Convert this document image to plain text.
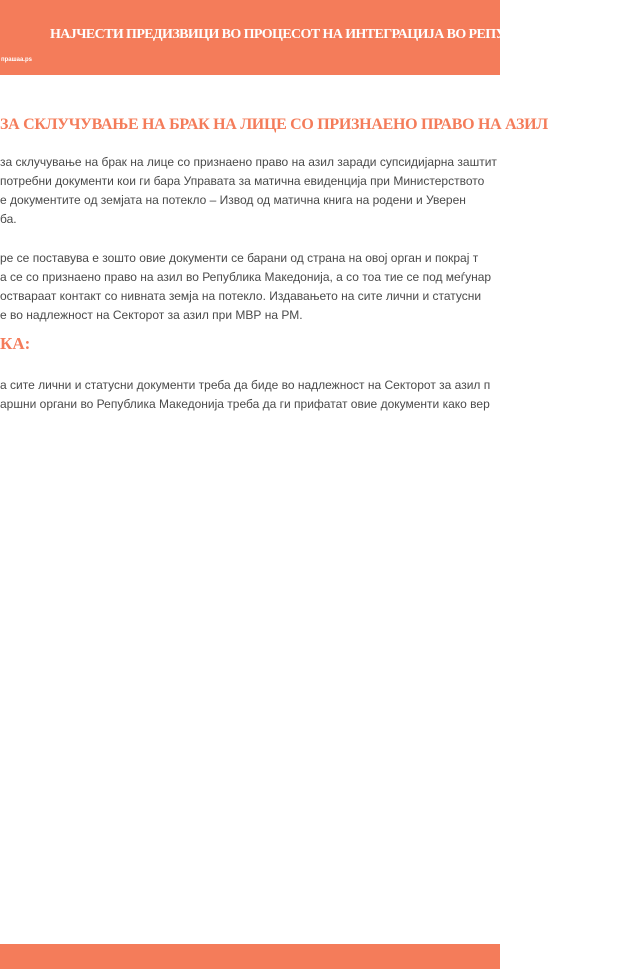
НАЈЧЕСТИ ПРЕДИЗВИЦИ ВО ПРОЦЕСОТ НА ИНТЕГРАЦИЈА ВО РЕПУБЛИКА
прашаа.рs
ЗА СКЛУЧУВАЊЕ НА БРАК НА ЛИЦЕ СО ПРИЗНАЕНО ПРАВО НА АЗИЛ
за склучување на брак на лице со признаено право на азил заради супсидијарна заштит
потребни документи кои ги бара Управата за матична евиденција при Министерството
е документите од земјата на потекло – Извод од матична книга на родени и Уверен
ба.
ре се поставува е зошто овие документи се барани од страна на овој орган и покрај т
а се со признаено право на азил во Република Македонија, а со тоа тие се под меѓунар
оствараат контакт со нивната земја на потекло. Издавањето на сите лични и статусни
е во надлежност на Секторот за азил при МВР на РМ.
КА:
а сите лични и статусни документи треба да биде во надлежност на Секторот за азил п
аршни органи во Република Македонија треба да ги прифатат овие документи како вер
